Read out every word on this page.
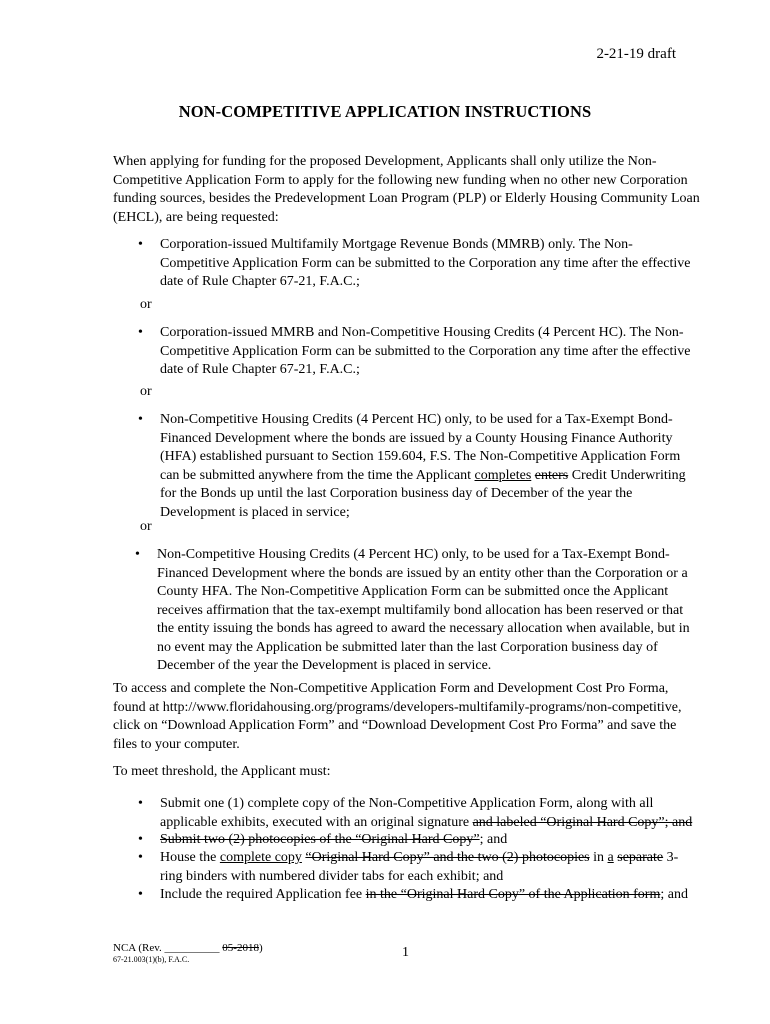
2-21-19 draft
NON-COMPETITIVE APPLICATION INSTRUCTIONS
When applying for funding for the proposed Development, Applicants shall only utilize the Non-Competitive Application Form to apply for the following new funding when no other new Corporation funding sources, besides the Predevelopment Loan Program (PLP) or Elderly Housing Community Loan (EHCL), are being requested:
• Corporation-issued Multifamily Mortgage Revenue Bonds (MMRB) only. The Non-Competitive Application Form can be submitted to the Corporation any time after the effective date of Rule Chapter 67-21, F.A.C.;
or
• Corporation-issued MMRB and Non-Competitive Housing Credits (4 Percent HC). The Non-Competitive Application Form can be submitted to the Corporation any time after the effective date of Rule Chapter 67-21, F.A.C.;
or
• Non-Competitive Housing Credits (4 Percent HC) only, to be used for a Tax-Exempt Bond-Financed Development where the bonds are issued by a County Housing Finance Authority (HFA) established pursuant to Section 159.604, F.S. The Non-Competitive Application Form can be submitted anywhere from the time the Applicant completes enters Credit Underwriting for the Bonds up until the last Corporation business day of December of the year the Development is placed in service;
or
• Non-Competitive Housing Credits (4 Percent HC) only, to be used for a Tax-Exempt Bond-Financed Development where the bonds are issued by an entity other than the Corporation or a County HFA. The Non-Competitive Application Form can be submitted once the Applicant receives affirmation that the tax-exempt multifamily bond allocation has been reserved or that the entity issuing the bonds has agreed to award the necessary allocation when available, but in no event may the Application be submitted later than the last Corporation business day of December of the year the Development is placed in service.
To access and complete the Non-Competitive Application Form and Development Cost Pro Forma, found at http://www.floridahousing.org/programs/developers-multifamily-programs/non-competitive, click on “Download Application Form” and “Download Development Cost Pro Forma” and save the files to your computer.
To meet threshold, the Applicant must:
• Submit one (1) complete copy of the Non-Competitive Application Form, along with all applicable exhibits, executed with an original signature and labeled “Original Hard Copy”; and
• Submit two (2) photocopies of the “Original Hard Copy”; and
• House the complete copy “Original Hard Copy” and the two (2) photocopies in a separate 3-ring binders with numbered divider tabs for each exhibit; and
• Include the required Application fee in the “Original Hard Copy” of the Application form; and
NCA (Rev. __________ 05-2018)
67-21.003(1)(b), F.A.C.	1
